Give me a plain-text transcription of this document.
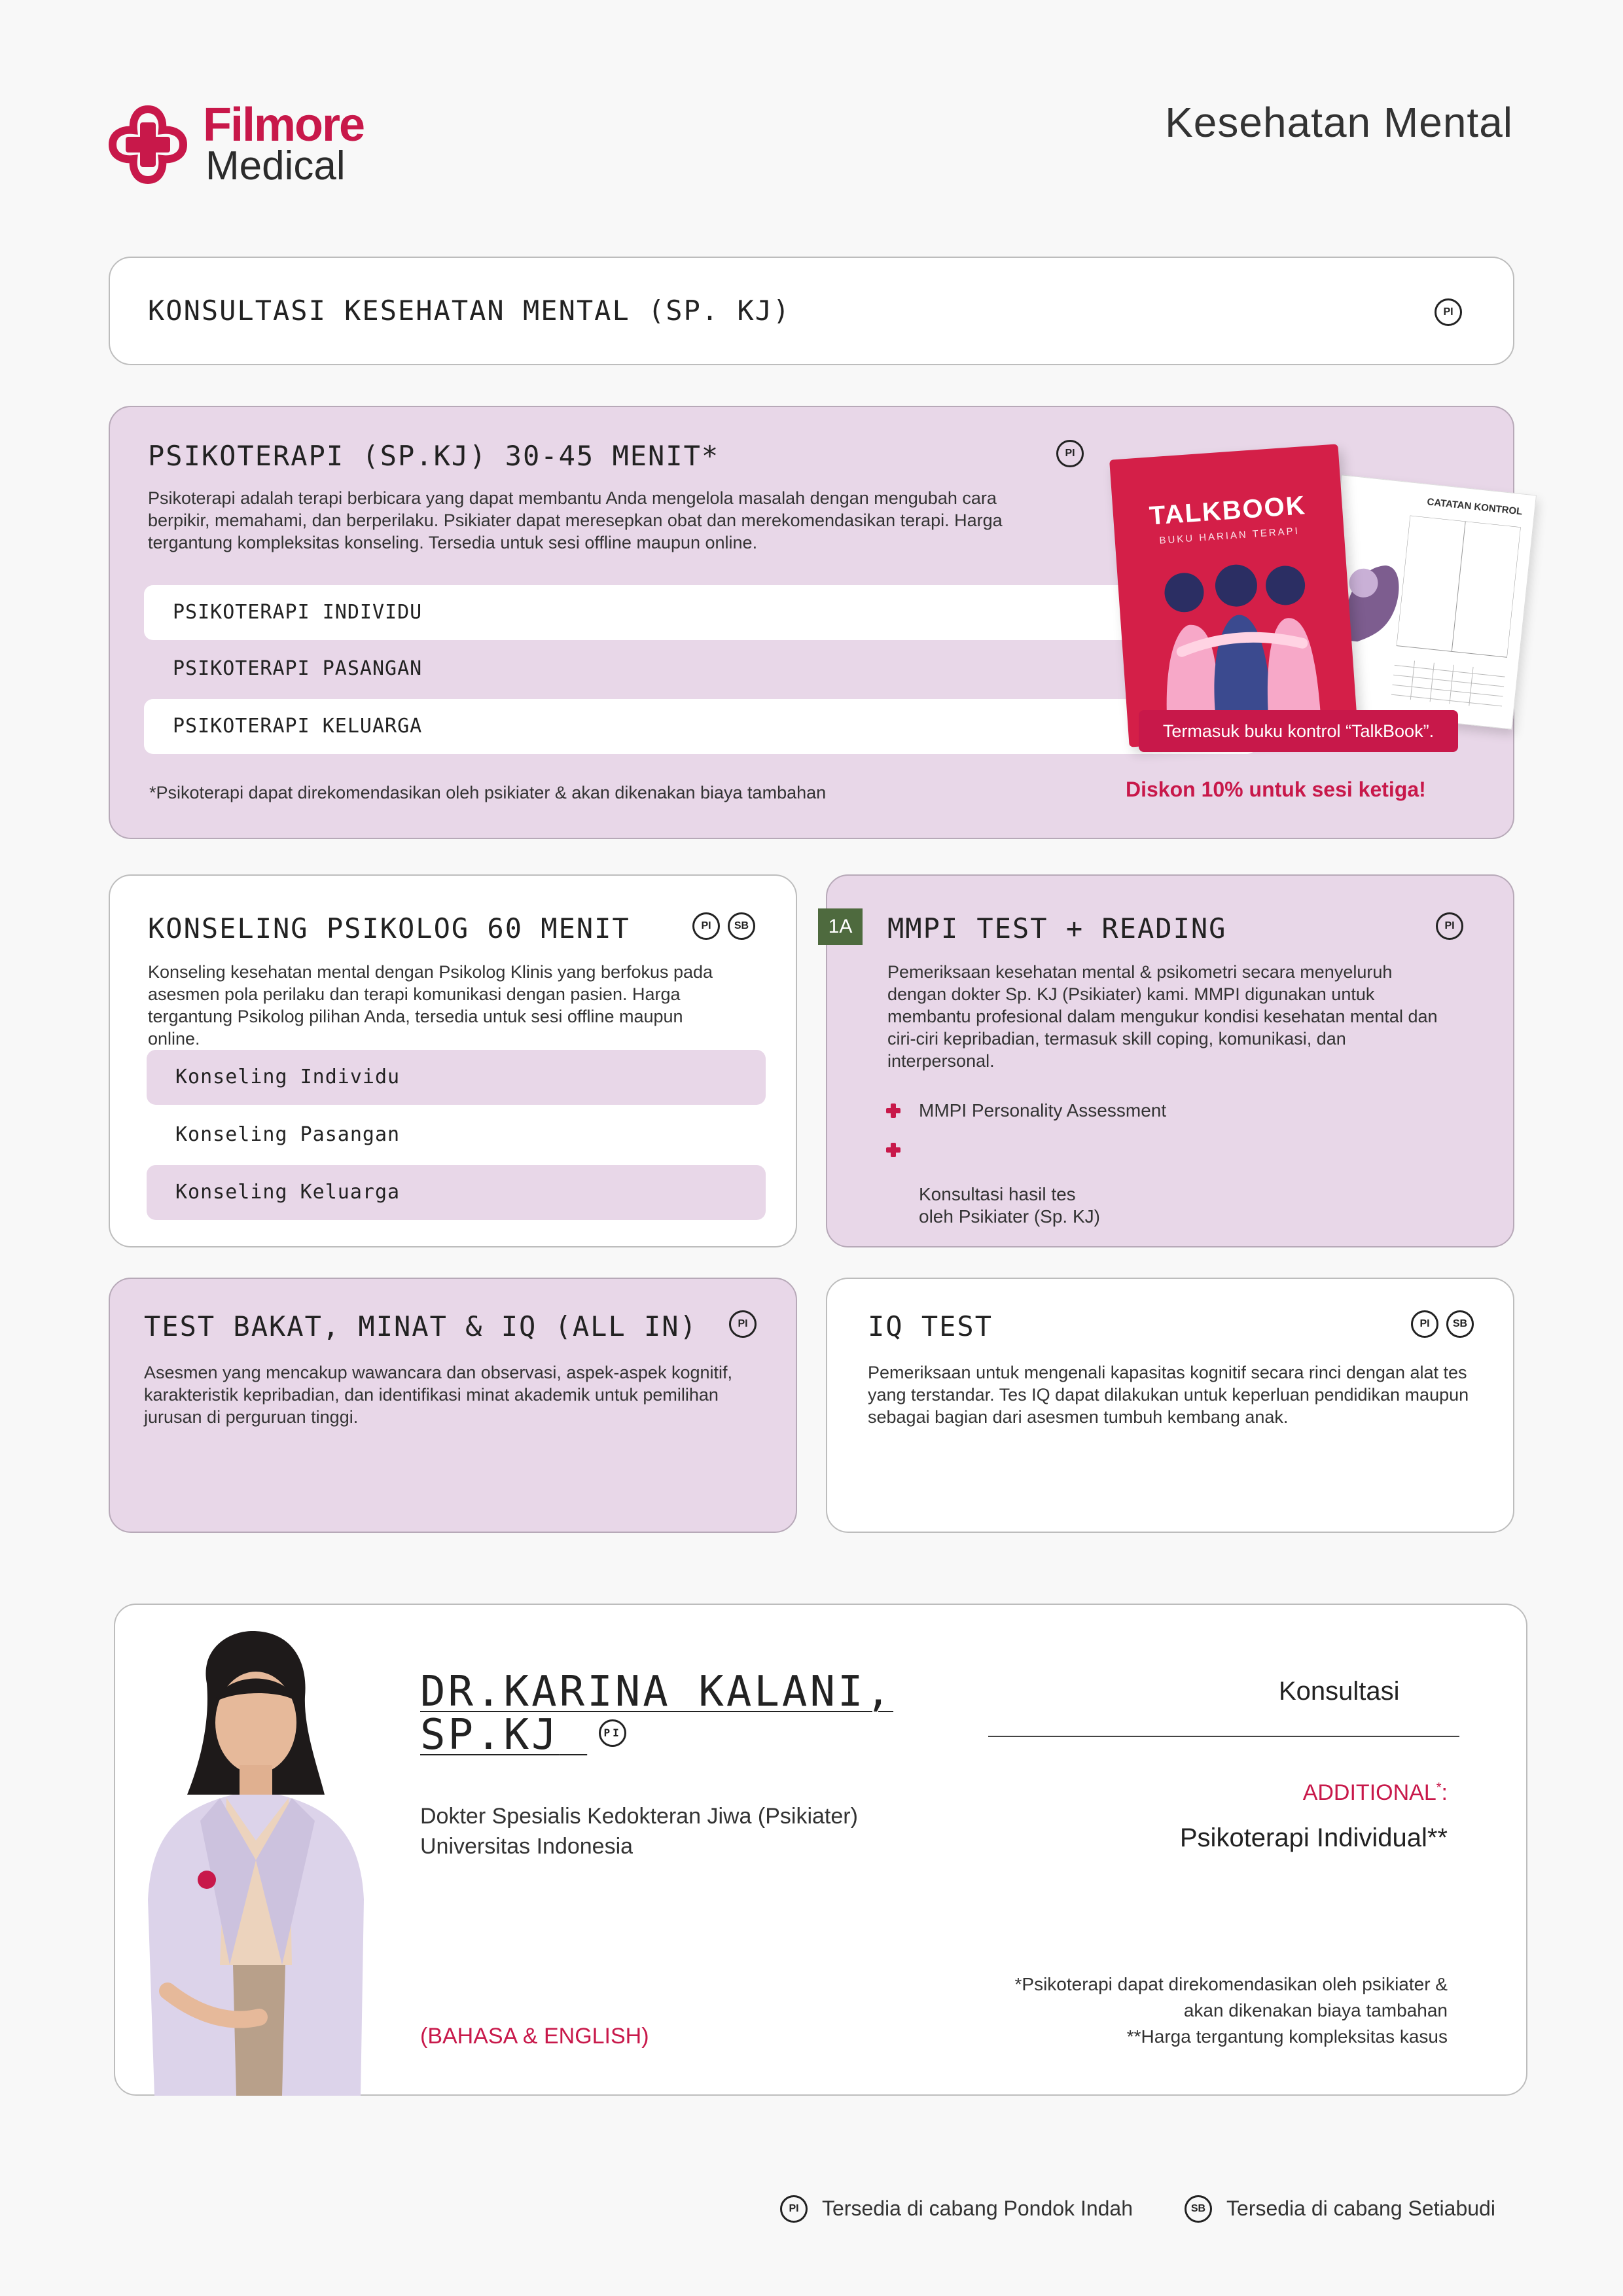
Filmore
Medical
Kesehatan Mental
KONSULTASI KESEHATAN MENTAL (SP. KJ)	PI
PSIKOTERAPI (SP.KJ) 30-45 MENIT*	PI
Psikoterapi adalah terapi berbicara yang dapat membantu Anda mengelola masalah dengan mengubah cara berpikir, memahami, dan berperilaku. Psikiater dapat meresepkan obat dan merekomendasikan terapi. Harga tergantung kompleksitas konseling. Tersedia untuk sesi offline maupun online.
PSIKOTERAPI INDIVIDU
PSIKOTERAPI PASANGAN
PSIKOTERAPI KELUARGA
*Psikoterapi dapat direkomendasikan oleh psikiater & akan dikenakan biaya tambahan
CATATAN KONTROL
TALKBOOK
BUKU HARIAN TERAPI
Termasuk buku kontrol “TalkBook”.
Diskon 10% untuk sesi ketiga!
KONSELING PSIKOLOG 60 MENIT	PI	SB
Konseling kesehatan mental dengan Psikolog Klinis yang berfokus pada asesmen pola perilaku dan terapi komunikasi dengan pasien. Harga tergantung Psikolog pilihan Anda, tersedia untuk sesi offline maupun online.
Konseling Individu
Konseling Pasangan
Konseling Keluarga
MMPI TEST + READING	PI
Pemeriksaan kesehatan mental & psikometri secara menyeluruh dengan dokter Sp. KJ (Psikiater) kami. MMPI digunakan untuk membantu profesional dalam mengukur kondisi kesehatan mental dan ciri-ciri kepribadian, termasuk skill coping, komunikasi, dan interpersonal.
MMPI Personality Assessment

Konsultasi hasil tes
oleh Psikiater (Sp. KJ)

1A
TEST BAKAT, MINAT & IQ (ALL IN)	PI
Asesmen yang mencakup wawancara dan observasi, aspek-aspek kognitif, karakteristik kepribadian, dan identifikasi minat akademik untuk pemilihan jurusan di perguruan tinggi.
IQ TEST	PI	SB
Pemeriksaan untuk mengenali kapasitas kognitif secara rinci dengan alat tes yang terstandar. Tes IQ dapat dilakukan untuk keperluan pendidikan maupun sebagai bagian dari asesmen tumbuh kembang anak.
DR.KARINA KALANI,
SP.KJ	PI
Dokter Spesialis Kedokteran Jiwa (Psikiater)
Universitas Indonesia
(BAHASA & ENGLISH)
Konsultasi
ADDITIONAL*:
Psikoterapi Individual**
*Psikoterapi dapat direkomendasikan oleh psikiater &
akan dikenakan biaya tambahan
**Harga tergantung kompleksitas kasus
PI Tersedia di cabang Pondok Indah	SB Tersedia di cabang Setiabudi
